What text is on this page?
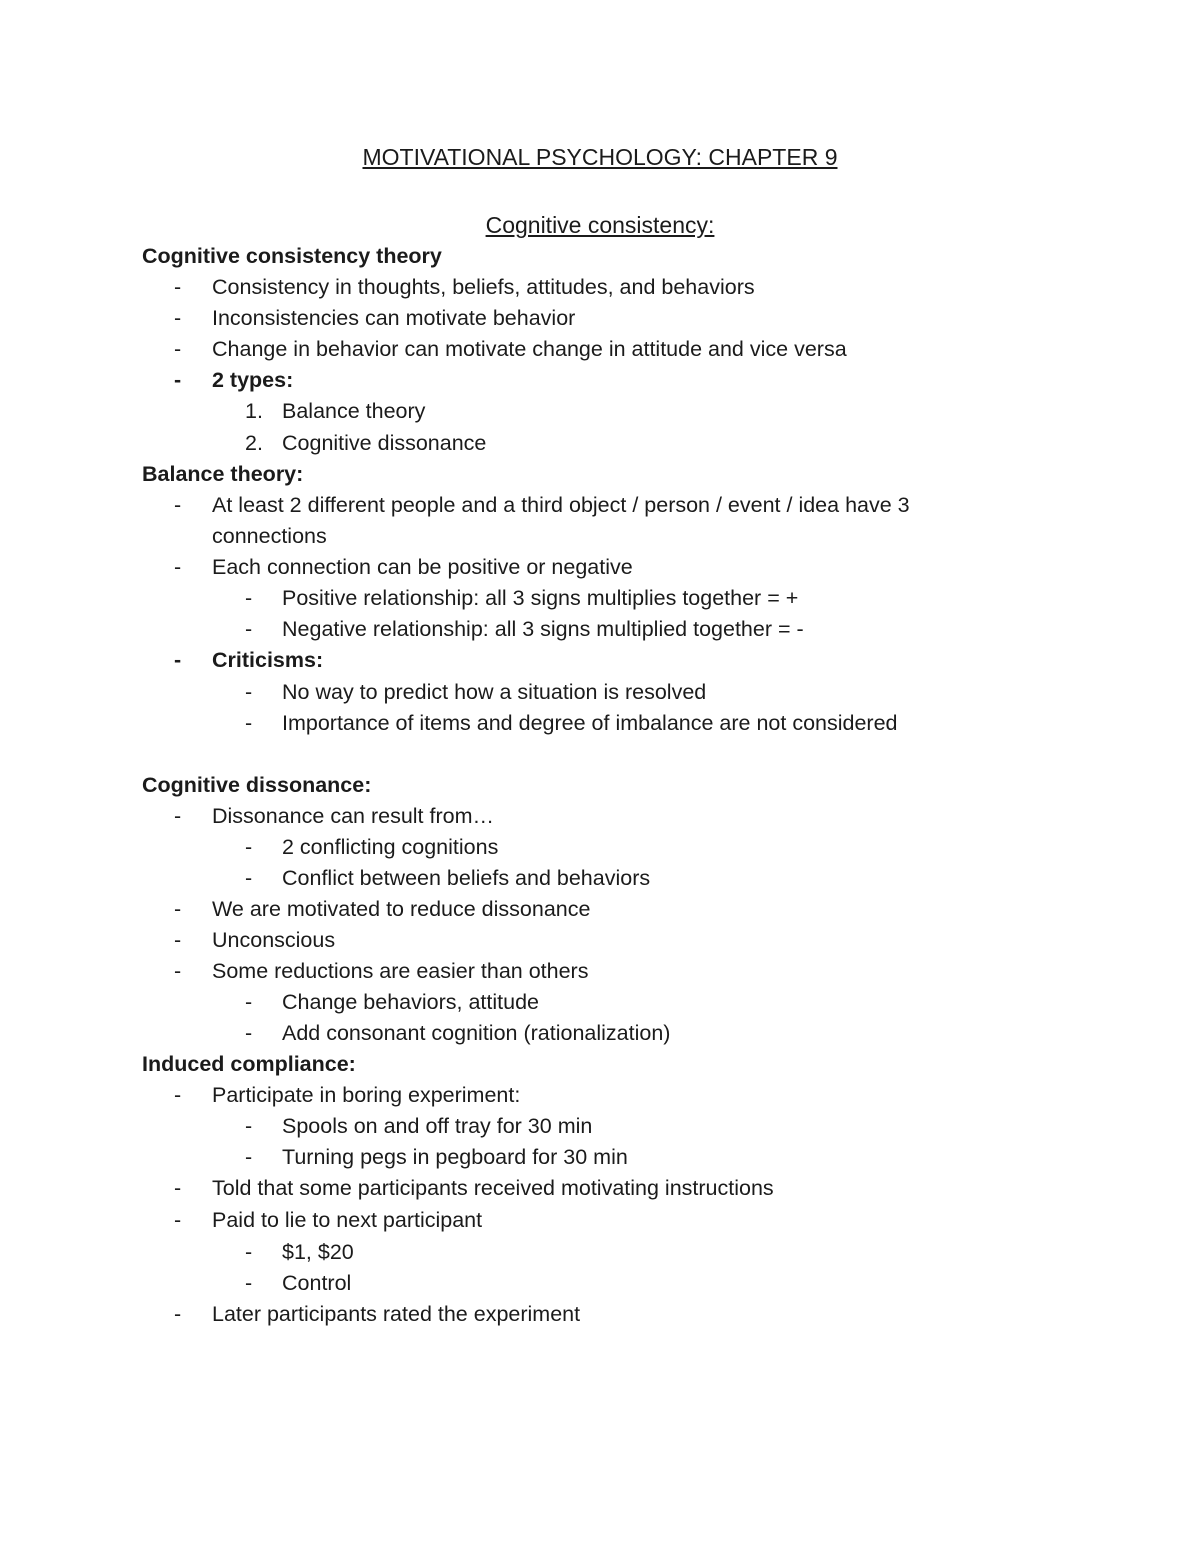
MOTIVATIONAL PSYCHOLOGY: CHAPTER 9
Cognitive consistency:
Cognitive consistency theory
- Consistency in thoughts, beliefs, attitudes, and behaviors
- Inconsistencies can motivate behavior
- Change in behavior can motivate change in attitude and vice versa
- 2 types:
1. Balance theory
2. Cognitive dissonance
Balance theory:
- At least 2 different people and a third object / person / event / idea have 3
connections
- Each connection can be positive or negative
- Positive relationship: all 3 signs multiplies together = +
- Negative relationship: all 3 signs multiplied together = -
- Criticisms:
- No way to predict how a situation is resolved
- Importance of items and degree of imbalance are not considered
Cognitive dissonance:
- Dissonance can result from…
- 2 conflicting cognitions
- Conflict between beliefs and behaviors
- We are motivated to reduce dissonance
- Unconscious
- Some reductions are easier than others
- Change behaviors, attitude
- Add consonant cognition (rationalization)
Induced compliance:
- Participate in boring experiment:
- Spools on and off tray for 30 min
- Turning pegs in pegboard for 30 min
- Told that some participants received motivating instructions
- Paid to lie to next participant
- $1, $20
- Control
- Later participants rated the experiment
